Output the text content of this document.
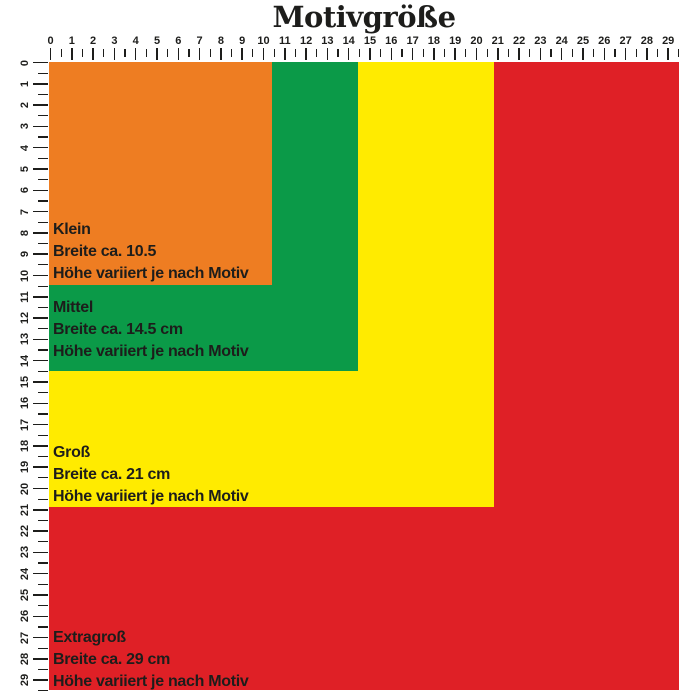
Motivgröße
0 1 2 3 4 5 6 7 8 9 10 11 12 13 14 15 16 17 18 19 20 21 22 23 24 25 26 27 28 29
0
1
2
3
4
5
6
7
8
9
10
11
12
13
14
15
16
17
18
19
20
21
22
23
24
25
26
27
28
29
Klein
Breite ca. 10.5
Höhe variiert je nach Motiv
Mittel
Breite ca. 14.5 cm
Höhe variiert je nach Motiv
Groß
Breite ca. 21 cm
Höhe variiert je nach Motiv
Extragroß
Breite ca. 29 cm
Höhe variiert je nach Motiv
